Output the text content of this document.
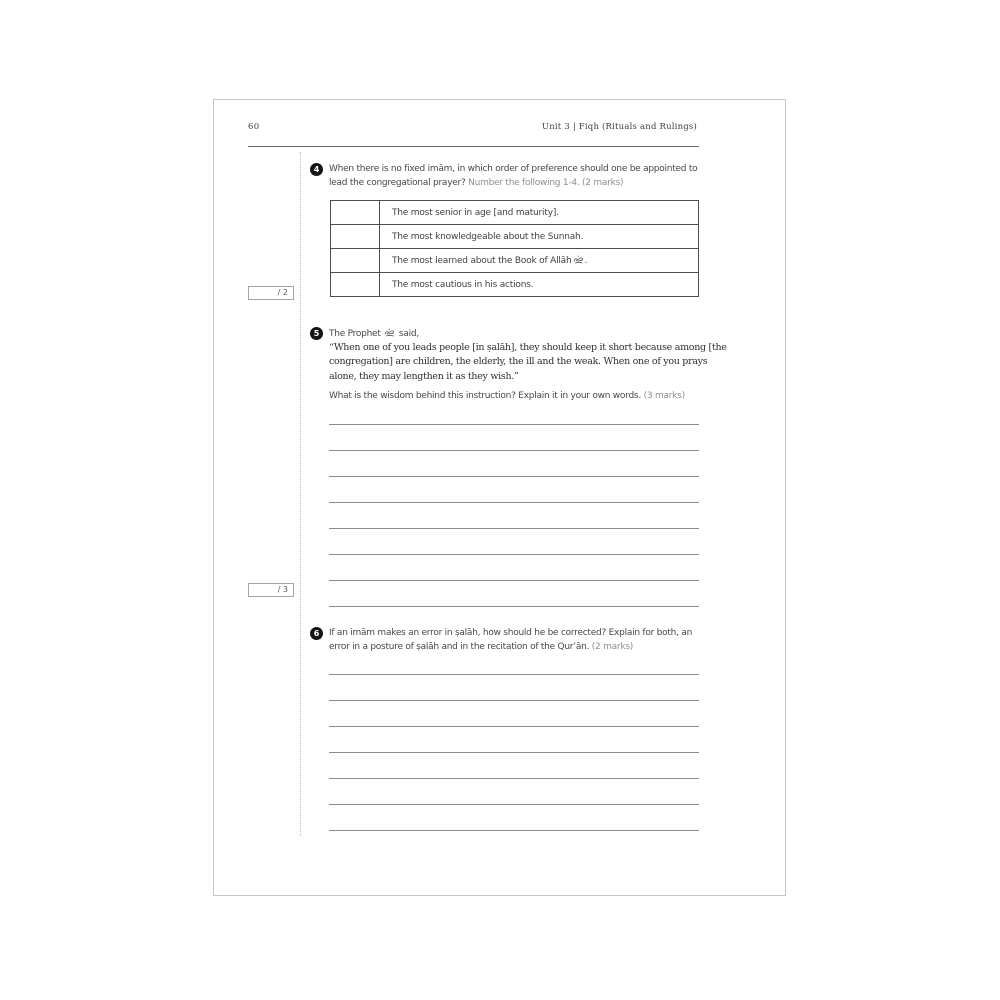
60	Unit 3 | Fiqh (Rituals and Rulings)
4 When there is no fixed imām, in which order of preference should one be appointed to
lead the congregational prayer? Number the following 1-4. (2 marks)
The most senior in age [and maturity].
The most knowledgeable about the Sunnah.
The most learned about the Book of Allāh .
The most cautious in his actions.
/ 2
5 The Prophet said,
“When one of you leads people [in ṣalāh], they should keep it short because among [the
congregation] are children, the elderly, the ill and the weak. When one of you prays
alone, they may lengthen it as they wish.”
What is the wisdom behind this instruction? Explain it in your own words. (3 marks)
/ 3
6 If an imām makes an error in ṣalāh, how should he be corrected? Explain for both, an
error in a posture of ṣalāh and in the recitation of the Qur’ān. (2 marks)
